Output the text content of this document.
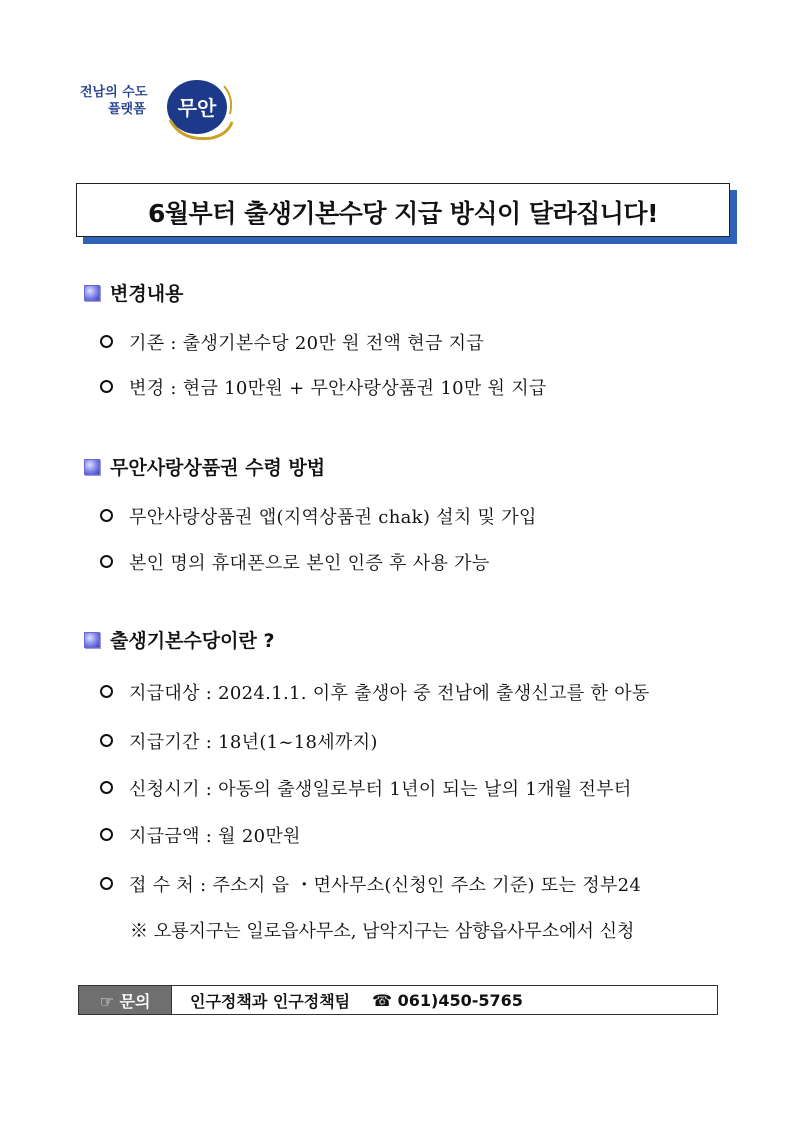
전남의 수도
플랫폼	무안
6월부터 출생기본수당 지급 방식이 달라집니다!
변경내용
기존 : 출생기본수당 20만 원 전액 현금 지급
변경 : 현금 10만원 + 무안사랑상품권 10만 원 지급
무안사랑상품권 수령 방법
무안사랑상품권 앱(지역상품권 chak) 설치 및 가입
본인 명의 휴대폰으로 본인 인증 후 사용 가능
출생기본수당이란 ?
지급대상 : 2024.1.1. 이후 출생아 중 전남에 출생신고를 한 아동
지급기간 : 18년(1~18세까지)
신청시기 : 아동의 출생일로부터 1년이 되는 날의 1개월 전부터
지급금액 : 월 20만원
접 수 처 : 주소지 읍 ・면사무소(신청인 주소 기준) 또는 정부24
※ 오룡지구는 일로읍사무소, 남악지구는 삼향읍사무소에서 신청
☞ 문의	인구정책과 인구정책팀 ☎ 061)450-5765
